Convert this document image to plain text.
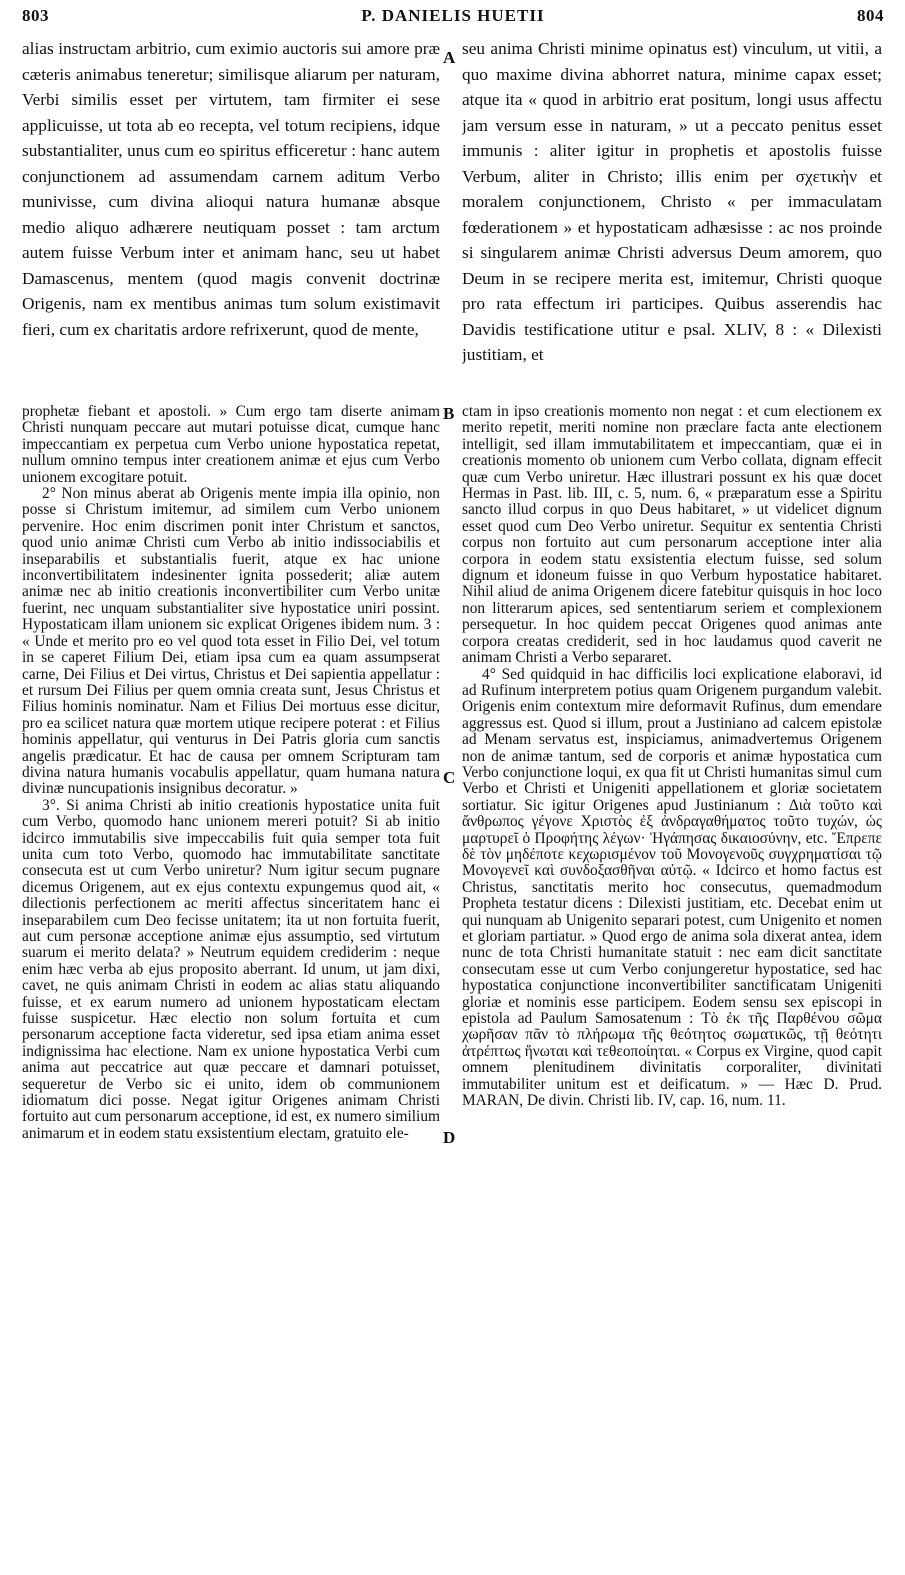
803	P. DANIELIS HUETII	804

alias instructam arbitrio, cum eximio auctoris sui amore præ cæteris animabus teneretur; similisque aliarum per naturam, Verbi similis esset per virtutem, tam firmiter ei sese applicuisse, ut tota ab eo recepta, vel totum recipiens, idque substantialiter, unus cum eo spiritus efficeretur : hanc autem conjunctionem ad assumendam carnem aditum Verbo munivisse, cum divina alioqui natura humanæ absque medio aliquo adhærere neutiquam posset : tam arctum autem fuisse Verbum inter et animam hanc, seu ut habet Damascenus, mentem (quod magis convenit doctrinæ Origenis, nam ex mentibus animas tum solum existimavit fieri, cum ex charitatis ardore refrixerunt, quod de mente,

seu anima Christi minime opinatus est) vinculum, ut vitii, a quo maxime divina abhorret natura, minime capax esset; atque ita « quod in arbitrio erat positum, longi usus affectu jam versum esse in naturam, » ut a peccato penitus esset immunis : aliter igitur in prophetis et apostolis fuisse Verbum, aliter in Christo; illis enim per σχετικὴν et moralem conjunctionem, Christo « per immaculatam fœderationem » et hypostaticam adhæsisse : ac nos proinde si singularem animæ Christi adversus Deum amorem, quo Deum in se recipere merita est, imitemur, Christi quoque pro rata effectum iri participes. Quibus asserendis hac Davidis testificatione utitur e psal. XLIV, 8 : « Dilexisti justitiam, et

A
B
C
D

prophetæ fiebant et apostoli. » Cum ergo tam diserte animam Christi nunquam peccare aut mutari potuisse dicat, cumque hanc impeccantiam ex perpetua cum Verbo unione hypostatica repetat, nullum omnino tempus inter creationem animæ et ejus cum Verbo unionem excogitare potuit.

2° Non minus aberat ab Origenis mente impia illa opinio, non posse si Christum imitemur, ad similem cum Verbo unionem pervenire. Hoc enim discrimen ponit inter Christum et sanctos, quod unio animæ Christi cum Verbo ab initio indissociabilis et inseparabilis et substantialis fuerit, atque ex hac unione inconvertibilitatem indesinenter ignita possederit; aliæ autem animæ nec ab initio creationis inconvertibiliter cum Verbo unitæ fuerint, nec unquam substantialiter sive hypostatice uniri possint. Hypostaticam illam unionem sic explicat Origenes ibidem num. 3 : « Unde et merito pro eo vel quod tota esset in Filio Dei, vel totum in se caperet Filium Dei, etiam ipsa cum ea quam assumpserat carne, Dei Filius et Dei virtus, Christus et Dei sapientia appellatur : et rursum Dei Filius per quem omnia creata sunt, Jesus Christus et Filius hominis nominatur. Nam et Filius Dei mortuus esse dicitur, pro ea scilicet natura quæ mortem utique recipere poterat : et Filius hominis appellatur, qui venturus in Dei Patris gloria cum sanctis angelis prædicatur. Et hac de causa per omnem Scripturam tam divina natura humanis vocabulis appellatur, quam humana natura divinæ nuncupationis insignibus decoratur. »

3°. Si anima Christi ab initio creationis hypostatice unita fuit cum Verbo, quomodo hanc unionem mereri potuit? Si ab initio idcirco immutabilis sive impeccabilis fuit quia semper tota fuit unita cum toto Verbo, quomodo hac immutabilitate sanctitate consecuta est ut cum Verbo uniretur? Num igitur secum pugnare dicemus Origenem, aut ex ejus contextu expungemus quod ait, « dilectionis perfectionem ac meriti affectus sinceritatem hanc ei inseparabilem cum Deo fecisse unitatem; ita ut non fortuita fuerit, aut cum personæ acceptione animæ ejus assumptio, sed virtutum suarum ei merito delata? » Neutrum equidem crediderim : neque enim hæc verba ab ejus proposito aberrant. Id unum, ut jam dixi, cavet, ne quis animam Christi in eodem ac alias statu aliquando fuisse, et ex earum numero ad unionem hypostaticam electam fuisse suspicetur. Hæc electio non solum fortuita et cum personarum acceptione facta videretur, sed ipsa etiam anima esset indignissima hac electione. Nam ex unione hypostatica Verbi cum anima aut peccatrice aut quæ peccare et damnari potuisset, sequeretur de Verbo sic ei unito, idem ob communionem idiomatum dici posse. Negat igitur Origenes animam Christi fortuito aut cum personarum acceptione, id est, ex numero similium animarum et in eodem statu exsistentium electam, gratuito ele-

ctam in ipso creationis momento non negat : et cum electionem ex merito repetit, meriti nomine non præclare facta ante electionem intelligit, sed illam immutabilitatem et impeccantiam, quæ ei in creationis momento ob unionem cum Verbo collata, dignam effecit quæ cum Verbo uniretur. Hæc illustrari possunt ex his quæ docet Hermas in Past. lib. III, c. 5, num. 6, « præparatum esse a Spiritu sancto illud corpus in quo Deus habitaret, » ut videlicet dignum esset quod cum Deo Verbo uniretur. Sequitur ex sententia Christi corpus non fortuito aut cum personarum acceptione inter alia corpora in eodem statu exsistentia electum fuisse, sed solum dignum et idoneum fuisse in quo Verbum hypostatice habitaret. Nihil aliud de anima Origenem dicere fatebitur quisquis in hoc loco non litterarum apices, sed sententiarum seriem et complexionem persequetur. In hoc quidem peccat Origenes quod animas ante corpora creatas crediderit, sed in hoc laudamus quod caverit ne animam Christi a Verbo separaret.

4° Sed quidquid in hac difficilis loci explicatione elaboravi, id ad Rufinum interpretem potius quam Origenem purgandum valebit. Origenis enim contextum mire deformavit Rufinus, dum emendare aggressus est. Quod si illum, prout a Justiniano ad calcem epistolæ ad Menam servatus est, inspiciamus, animadvertemus Origenem non de animæ tantum, sed de corporis et animæ hypostatica cum Verbo conjunctione loqui, ex qua fit ut Christi humanitas simul cum Verbo et Christi et Unigeniti appellationem et gloriæ societatem sortiatur. Sic igitur Origenes apud Justinianum : Διὰ τοῦτο καὶ ἄνθρωπος γέγονε Χριστὸς ἐξ ἀνδραγαθήματος τοῦτο τυχών, ὡς μαρτυρεῖ ὁ Προφήτης λέγων· Ἠγάπησας δικαιοσύνην, etc. Ἔπρεπε δὲ τὸν μηδέποτε κεχωρισμένον τοῦ Μονογενοῦς συγχρηματίσαι τῷ Μονογενεῖ καὶ συνδοξασθῆναι αὐτῷ. « Idcirco et homo factus est Christus, sanctitatis merito hoc consecutus, quemadmodum Propheta testatur dicens : Dilexisti justitiam, etc. Decebat enim ut qui nunquam ab Unigenito separari potest, cum Unigenito et nomen et gloriam partiatur. » Quod ergo de anima sola dixerat antea, idem nunc de tota Christi humanitate statuit : nec eam dicit sanctitate consecutam esse ut cum Verbo conjungeretur hypostatice, sed hac hypostatica conjunctione inconvertibiliter sanctificatam Unigeniti gloriæ et nominis esse participem. Eodem sensu sex episcopi in epistola ad Paulum Samosatenum : Τὸ ἐκ τῆς Παρθένου σῶμα χωρῆσαν πᾶν τὸ πλήρωμα τῆς θεότητος σωματικῶς, τῇ θεότητι ἀτρέπτως ἥνωται καὶ τεθεοποίηται. « Corpus ex Virgine, quod capit omnem plenitudinem divinitatis corporaliter, divinitati immutabiliter unitum est et deificatum. » — Hæc D. Prud. MARAN, De divin. Christi lib. IV, cap. 16, num. 11.
